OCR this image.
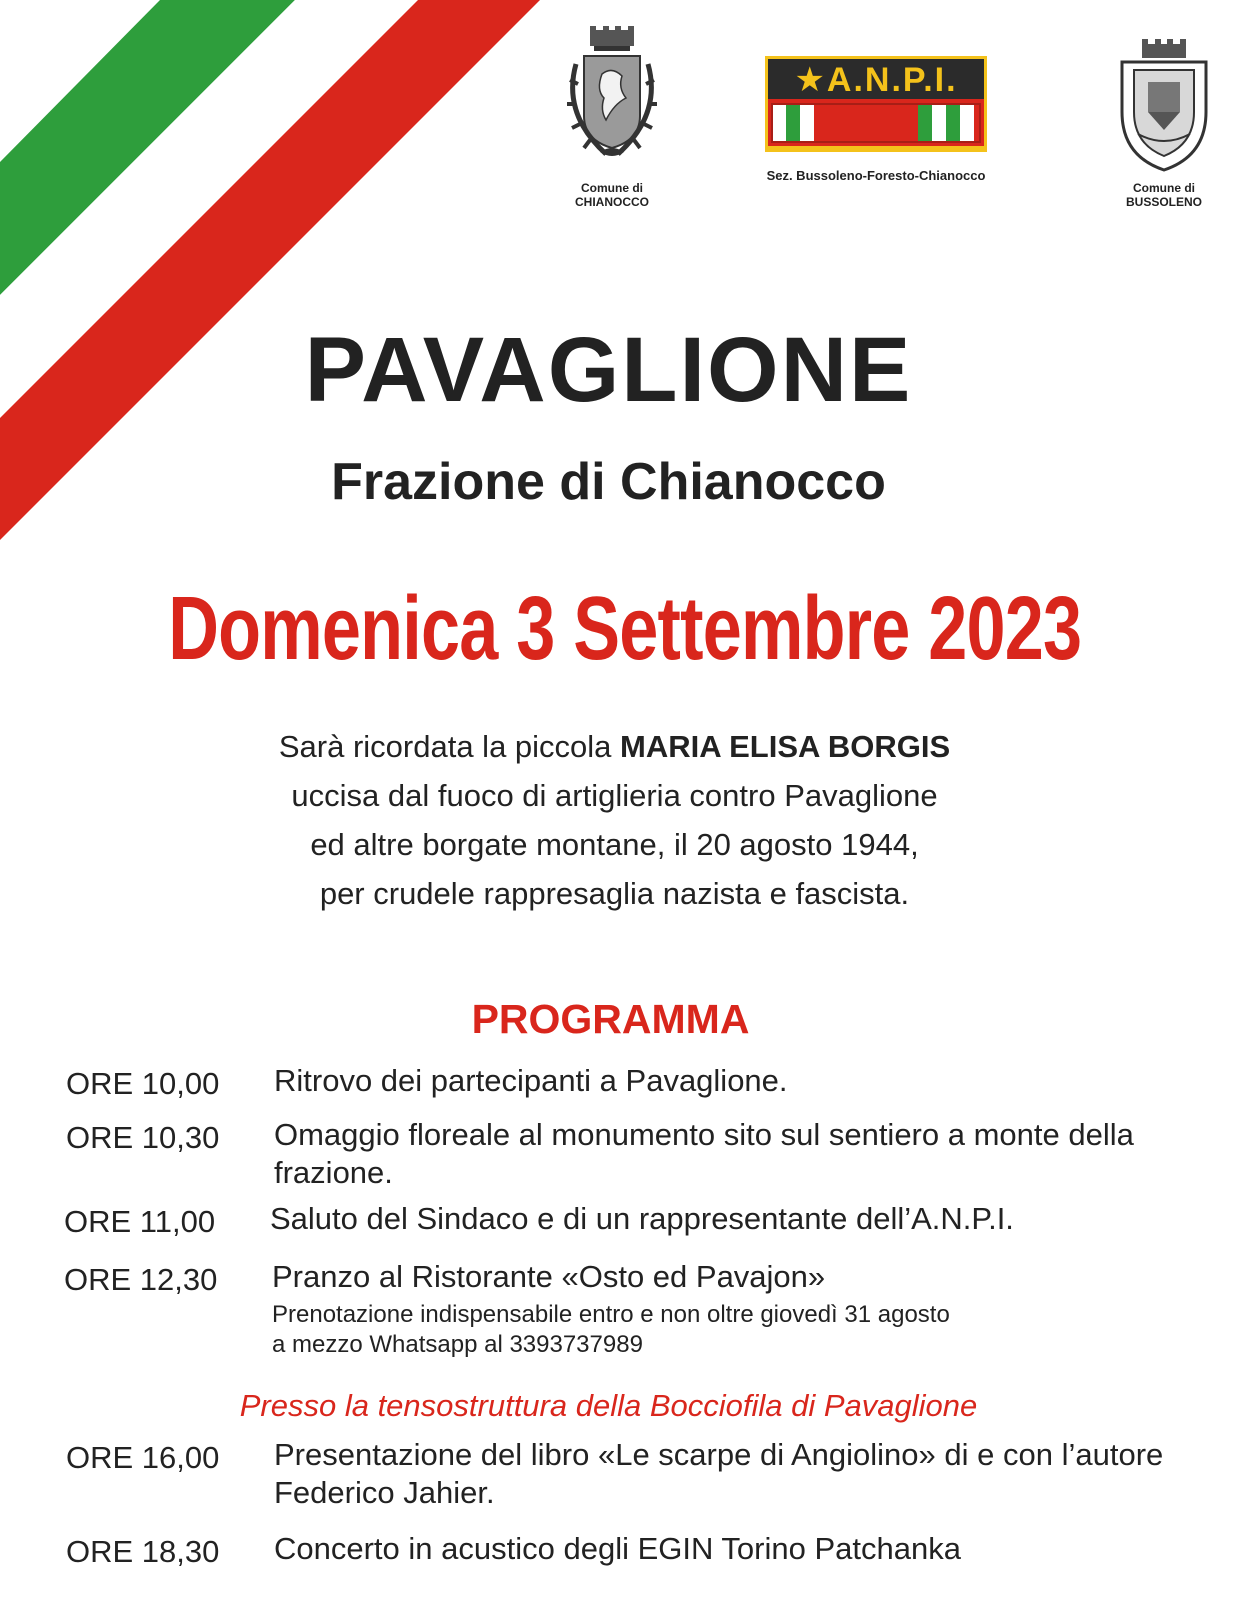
Comune di
CHIANOCCO
★A.N.P.I.
Sez. Bussoleno-Foresto-Chianocco
Comune di
BUSSOLENO
PAVAGLIONE
Frazione di Chianocco
Domenica 3 Settembre 2023
Sarà ricordata la piccola MARIA ELISA BORGIS
uccisa dal fuoco di artiglieria contro Pavaglione
ed altre borgate montane, il 20 agosto 1944,
per crudele rappresaglia nazista e fascista.
PROGRAMMA
ORE 10,00 Ritrovo dei partecipanti a Pavaglione.
ORE 10,30 Omaggio floreale al monumento sito sul sentiero a monte della frazione.
ORE 11,00 Saluto del Sindaco e di un rappresentante dell’A.N.P.I.
ORE 12,30 Pranzo al Ristorante «Osto ed Pavajon»
Prenotazione indispensabile entro e non oltre giovedì 31 agosto
a mezzo Whatsapp al 3393737989
Presso la tensostruttura della Bocciofila di Pavaglione
ORE 16,00 Presentazione del libro «Le scarpe di Angiolino» di e con l’autore Federico Jahier.
ORE 18,30 Concerto in acustico degli EGIN Torino Patchanka
